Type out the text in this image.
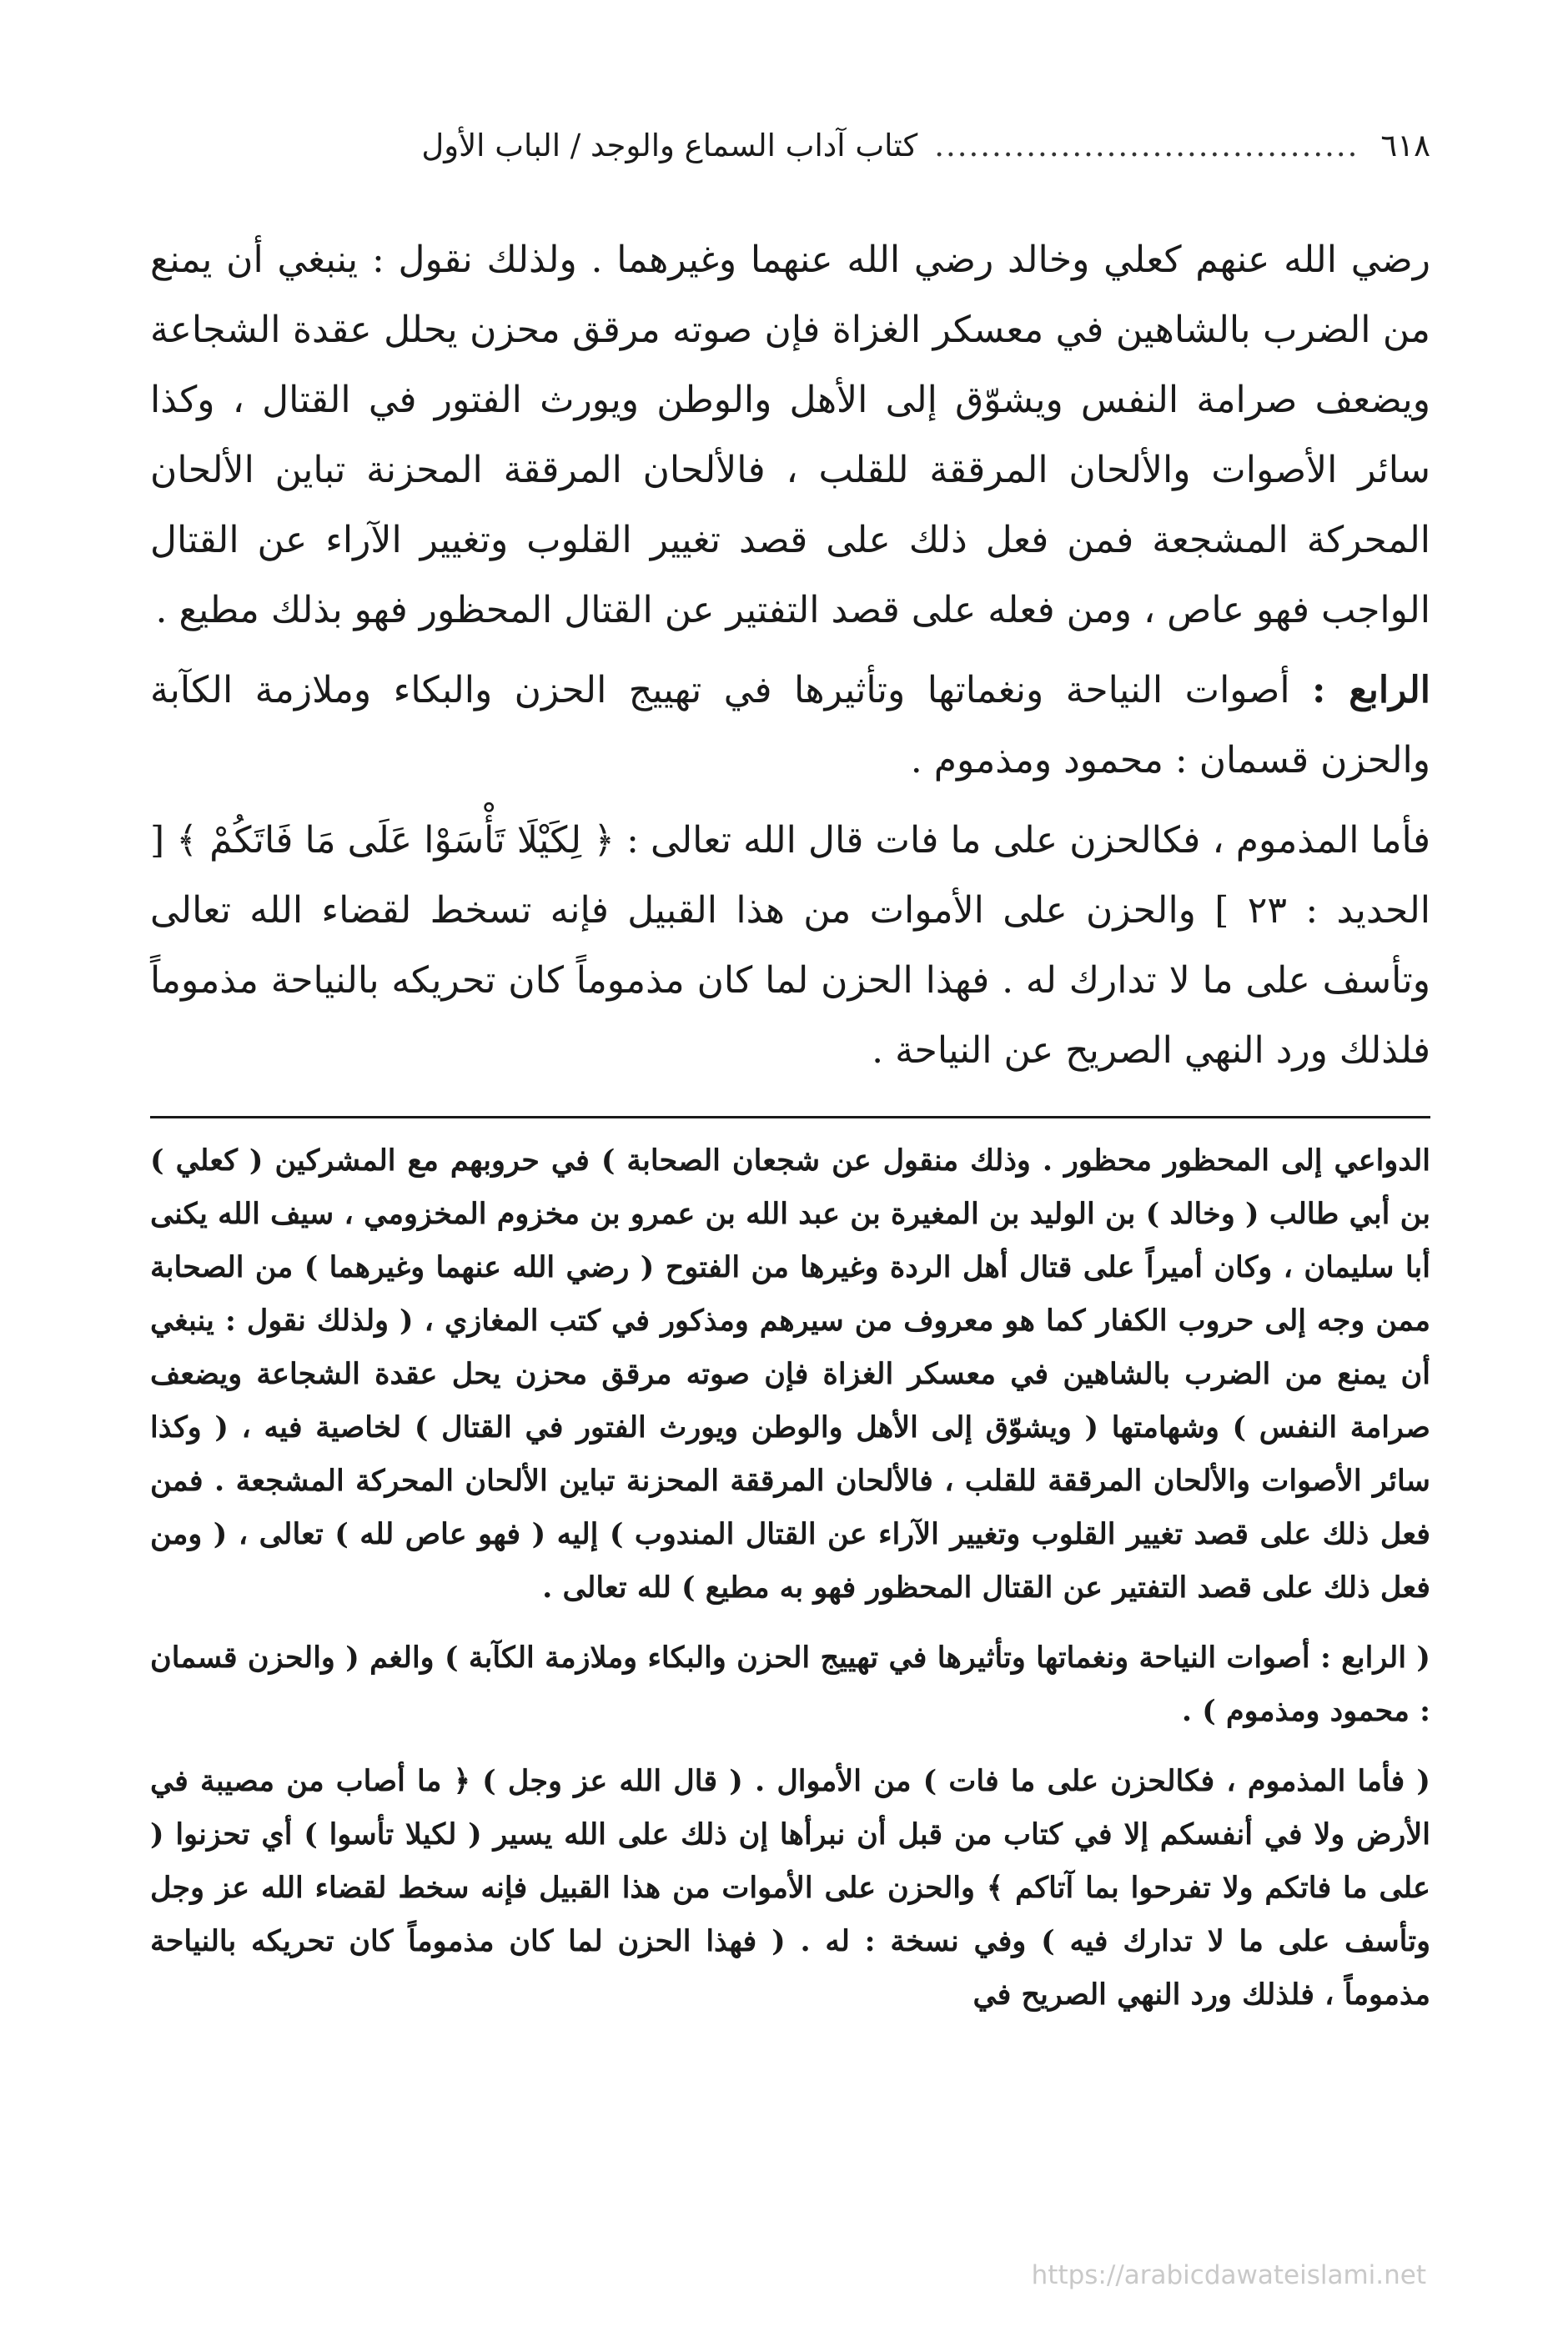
٦١٨
.....................................
كتاب آداب السماع والوجد / الباب الأول

رضي الله عنهم كعلي وخالد رضي الله عنهما وغيرهما . ولذلك نقول : ينبغي أن يمنع من الضرب بالشاهين في معسكر الغزاة فإن صوته مرقق محزن يحلل عقدة الشجاعة ويضعف صرامة النفس ويشوّق إلى الأهل والوطن ويورث الفتور في القتال ، وكذا سائر الأصوات والألحان المرققة للقلب ، فالألحان المرققة المحزنة تباين الألحان المحركة المشجعة فمن فعل ذلك على قصد تغيير القلوب وتغيير الآراء عن القتال الواجب فهو عاص ، ومن فعله على قصد التفتير عن القتال المحظور فهو بذلك مطيع .

الرابع : أصوات النياحة ونغماتها وتأثيرها في تهييج الحزن والبكاء وملازمة الكآبة والحزن قسمان : محمود ومذموم .

فأما المذموم ، فكالحزن على ما فات قال الله تعالى : ﴿ لِكَيْلَا تَأْسَوْا عَلَى مَا فَاتَكُمْ ﴾ [ الحديد : ٢٣ ] والحزن على الأموات من هذا القبيل فإنه تسخط لقضاء الله تعالى وتأسف على ما لا تدارك له . فهذا الحزن لما كان مذموماً كان تحريكه بالنياحة مذموماً فلذلك ورد النهي الصريح عن النياحة .

الدواعي إلى المحظور محظور . وذلك منقول عن شجعان الصحابة ) في حروبهم مع المشركين ( كعلي ) بن أبي طالب ( وخالد ) بن الوليد بن المغيرة بن عبد الله بن عمرو بن مخزوم المخزومي ، سيف الله يكنى أبا سليمان ، وكان أميراً على قتال أهل الردة وغيرها من الفتوح ( رضي الله عنهما وغيرهما ) من الصحابة ممن وجه إلى حروب الكفار كما هو معروف من سيرهم ومذكور في كتب المغازي ، ( ولذلك نقول : ينبغي أن يمنع من الضرب بالشاهين في معسكر الغزاة فإن صوته مرقق محزن يحل عقدة الشجاعة ويضعف صرامة النفس ) وشهامتها ( ويشوّق إلى الأهل والوطن ويورث الفتور في القتال ) لخاصية فيه ، ( وكذا سائر الأصوات والألحان المرققة للقلب ، فالألحان المرققة المحزنة تباين الألحان المحركة المشجعة . فمن فعل ذلك على قصد تغيير القلوب وتغيير الآراء عن القتال المندوب ) إليه ( فهو عاص لله ) تعالى ، ( ومن فعل ذلك على قصد التفتير عن القتال المحظور فهو به مطيع ) لله تعالى .

( الرابع : أصوات النياحة ونغماتها وتأثيرها في تهييج الحزن والبكاء وملازمة الكآبة ) والغم ( والحزن قسمان : محمود ومذموم ) .

( فأما المذموم ، فكالحزن على ما فات ) من الأموال . ( قال الله عز وجل ) ﴿ ما أصاب من مصيبة في الأرض ولا في أنفسكم إلا في كتاب من قبل أن نبرأها إن ذلك على الله يسير ( لكيلا تأسوا ) أي تحزنوا ( على ما فاتكم ولا تفرحوا بما آتاكم ﴾ والحزن على الأموات من هذا القبيل فإنه سخط لقضاء الله عز وجل وتأسف على ما لا تدارك فيه ) وفي نسخة : له . ( فهذا الحزن لما كان مذموماً كان تحريكه بالنياحة مذموماً ، فلذلك ورد النهي الصريح في

https://arabicdawateislami.net
